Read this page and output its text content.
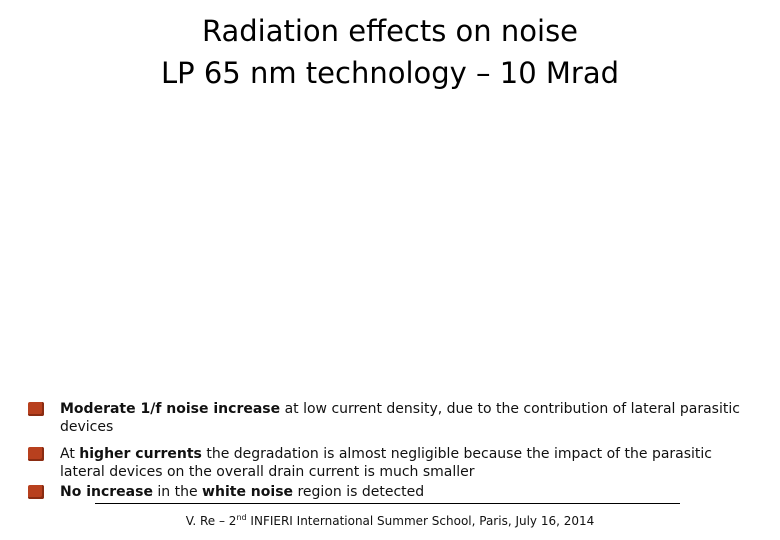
Radiation effects on noise
LP 65 nm technology – 10 Mrad
Moderate 1/f noise increase at low current density, due to the contribution of lateral parasitic devices
At higher currents the degradation is almost negligible because the impact of the parasitic lateral devices on the overall drain current is much smaller
No increase in the white noise region is detected
V. Re – 2nd INFIERI International Summer School, Paris, July 16, 2014
